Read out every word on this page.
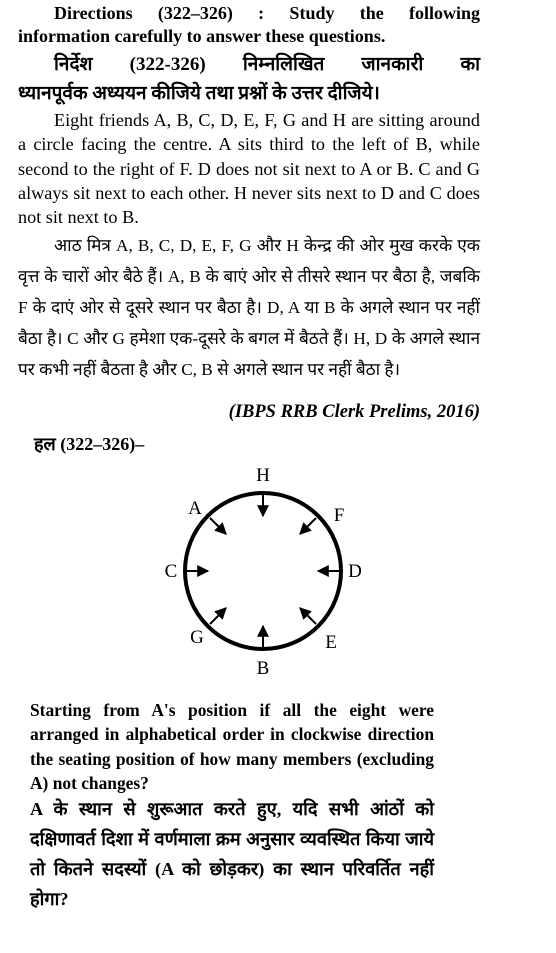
Directions (322–326) : Study the following
information carefully to answer these questions.
निर्देश (322-326) निम्नलिखित जानकारी का
ध्यानपूर्वक अध्ययन कीजिये तथा प्रश्नों के उत्तर दीजिये।

Eight friends A, B, C, D, E, F, G and H are sitting around a circle facing the centre. A sits third to the left of B, while second to the right of F. D does not sit next to A or B. C and G always sit next to each other. H never sits next to D and C does not sit next to B.

आठ मित्र A, B, C, D, E, F, G और H केन्द्र की ओर मुख करके एक वृत्त के चारों ओर बैठे हैं। A, B के बाएं ओर से तीसरे स्थान पर बैठा है, जबकि F के दाएं ओर से दूसरे स्थान पर बैठा है। D, A या B के अगले स्थान पर नहीं बैठा है। C और G हमेशा एक-दूसरे के बगल में बैठते हैं। H, D के अगले स्थान पर कभी नहीं बैठता है और C, B से अगले स्थान पर नहीं बैठा है।

(IBPS RRB Clerk Prelims, 2016)
हल (322–326)–
H
F
D
E
B
G
C
A

Starting from A's position if all the eight were arranged in alphabetical order in clockwise direction the seating position of how many members (excluding A) not changes?

A के स्थान से शुरूआत करते हुए, यदि सभी आंठों को दक्षिणावर्त दिशा में वर्णमाला क्रम अनुसार व्यवस्थित किया जाये तो कितने सदस्यों (A को छोड़कर) का स्थान परिवर्तित नहीं होगा?
